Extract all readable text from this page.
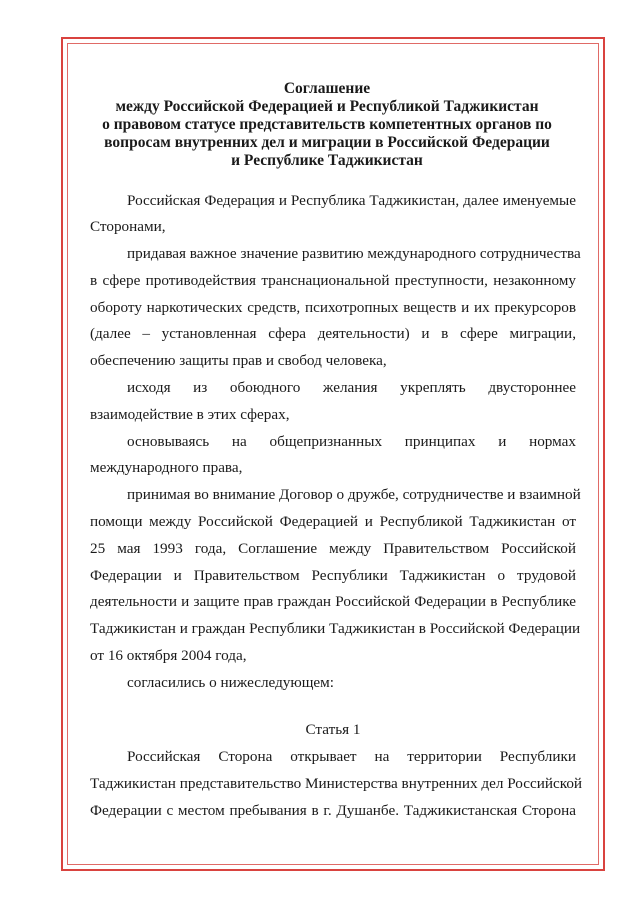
Соглашение
между Российской Федерацией и Республикой Таджикистан
о правовом статусе представительств компетентных органов по
вопросам внутренних дел и миграции в Российской Федерации
и Республике Таджикистан
Российская Федерация и Республика Таджикистан, далее именуемые
Сторонами,
придавая важное значение развитию международного сотрудничества
в сфере противодействия транснациональной преступности, незаконному
обороту наркотических средств, психотропных веществ и их прекурсоров
(далее – установленная сфера деятельности) и в сфере миграции,
обеспечению защиты прав и свобод человека,
исходя из обоюдного желания укреплять двустороннее
взаимодействие в этих сферах,
основываясь на общепризнанных принципах и нормах
международного права,
принимая во внимание Договор о дружбе, сотрудничестве и взаимной
помощи между Российской Федерацией и Республикой Таджикистан от
25 мая 1993 года, Соглашение между Правительством Российской
Федерации и Правительством Республики Таджикистан о трудовой
деятельности и защите прав граждан Российской Федерации в Республике
Таджикистан и граждан Республики Таджикистан в Российской Федерации
от 16 октября 2004 года,
согласились о нижеследующем:
Статья 1
Российская Сторона открывает на территории Республики
Таджикистан представительство Министерства внутренних дел Российской
Федерации с местом пребывания в г. Душанбе. Таджикистанская Сторона
